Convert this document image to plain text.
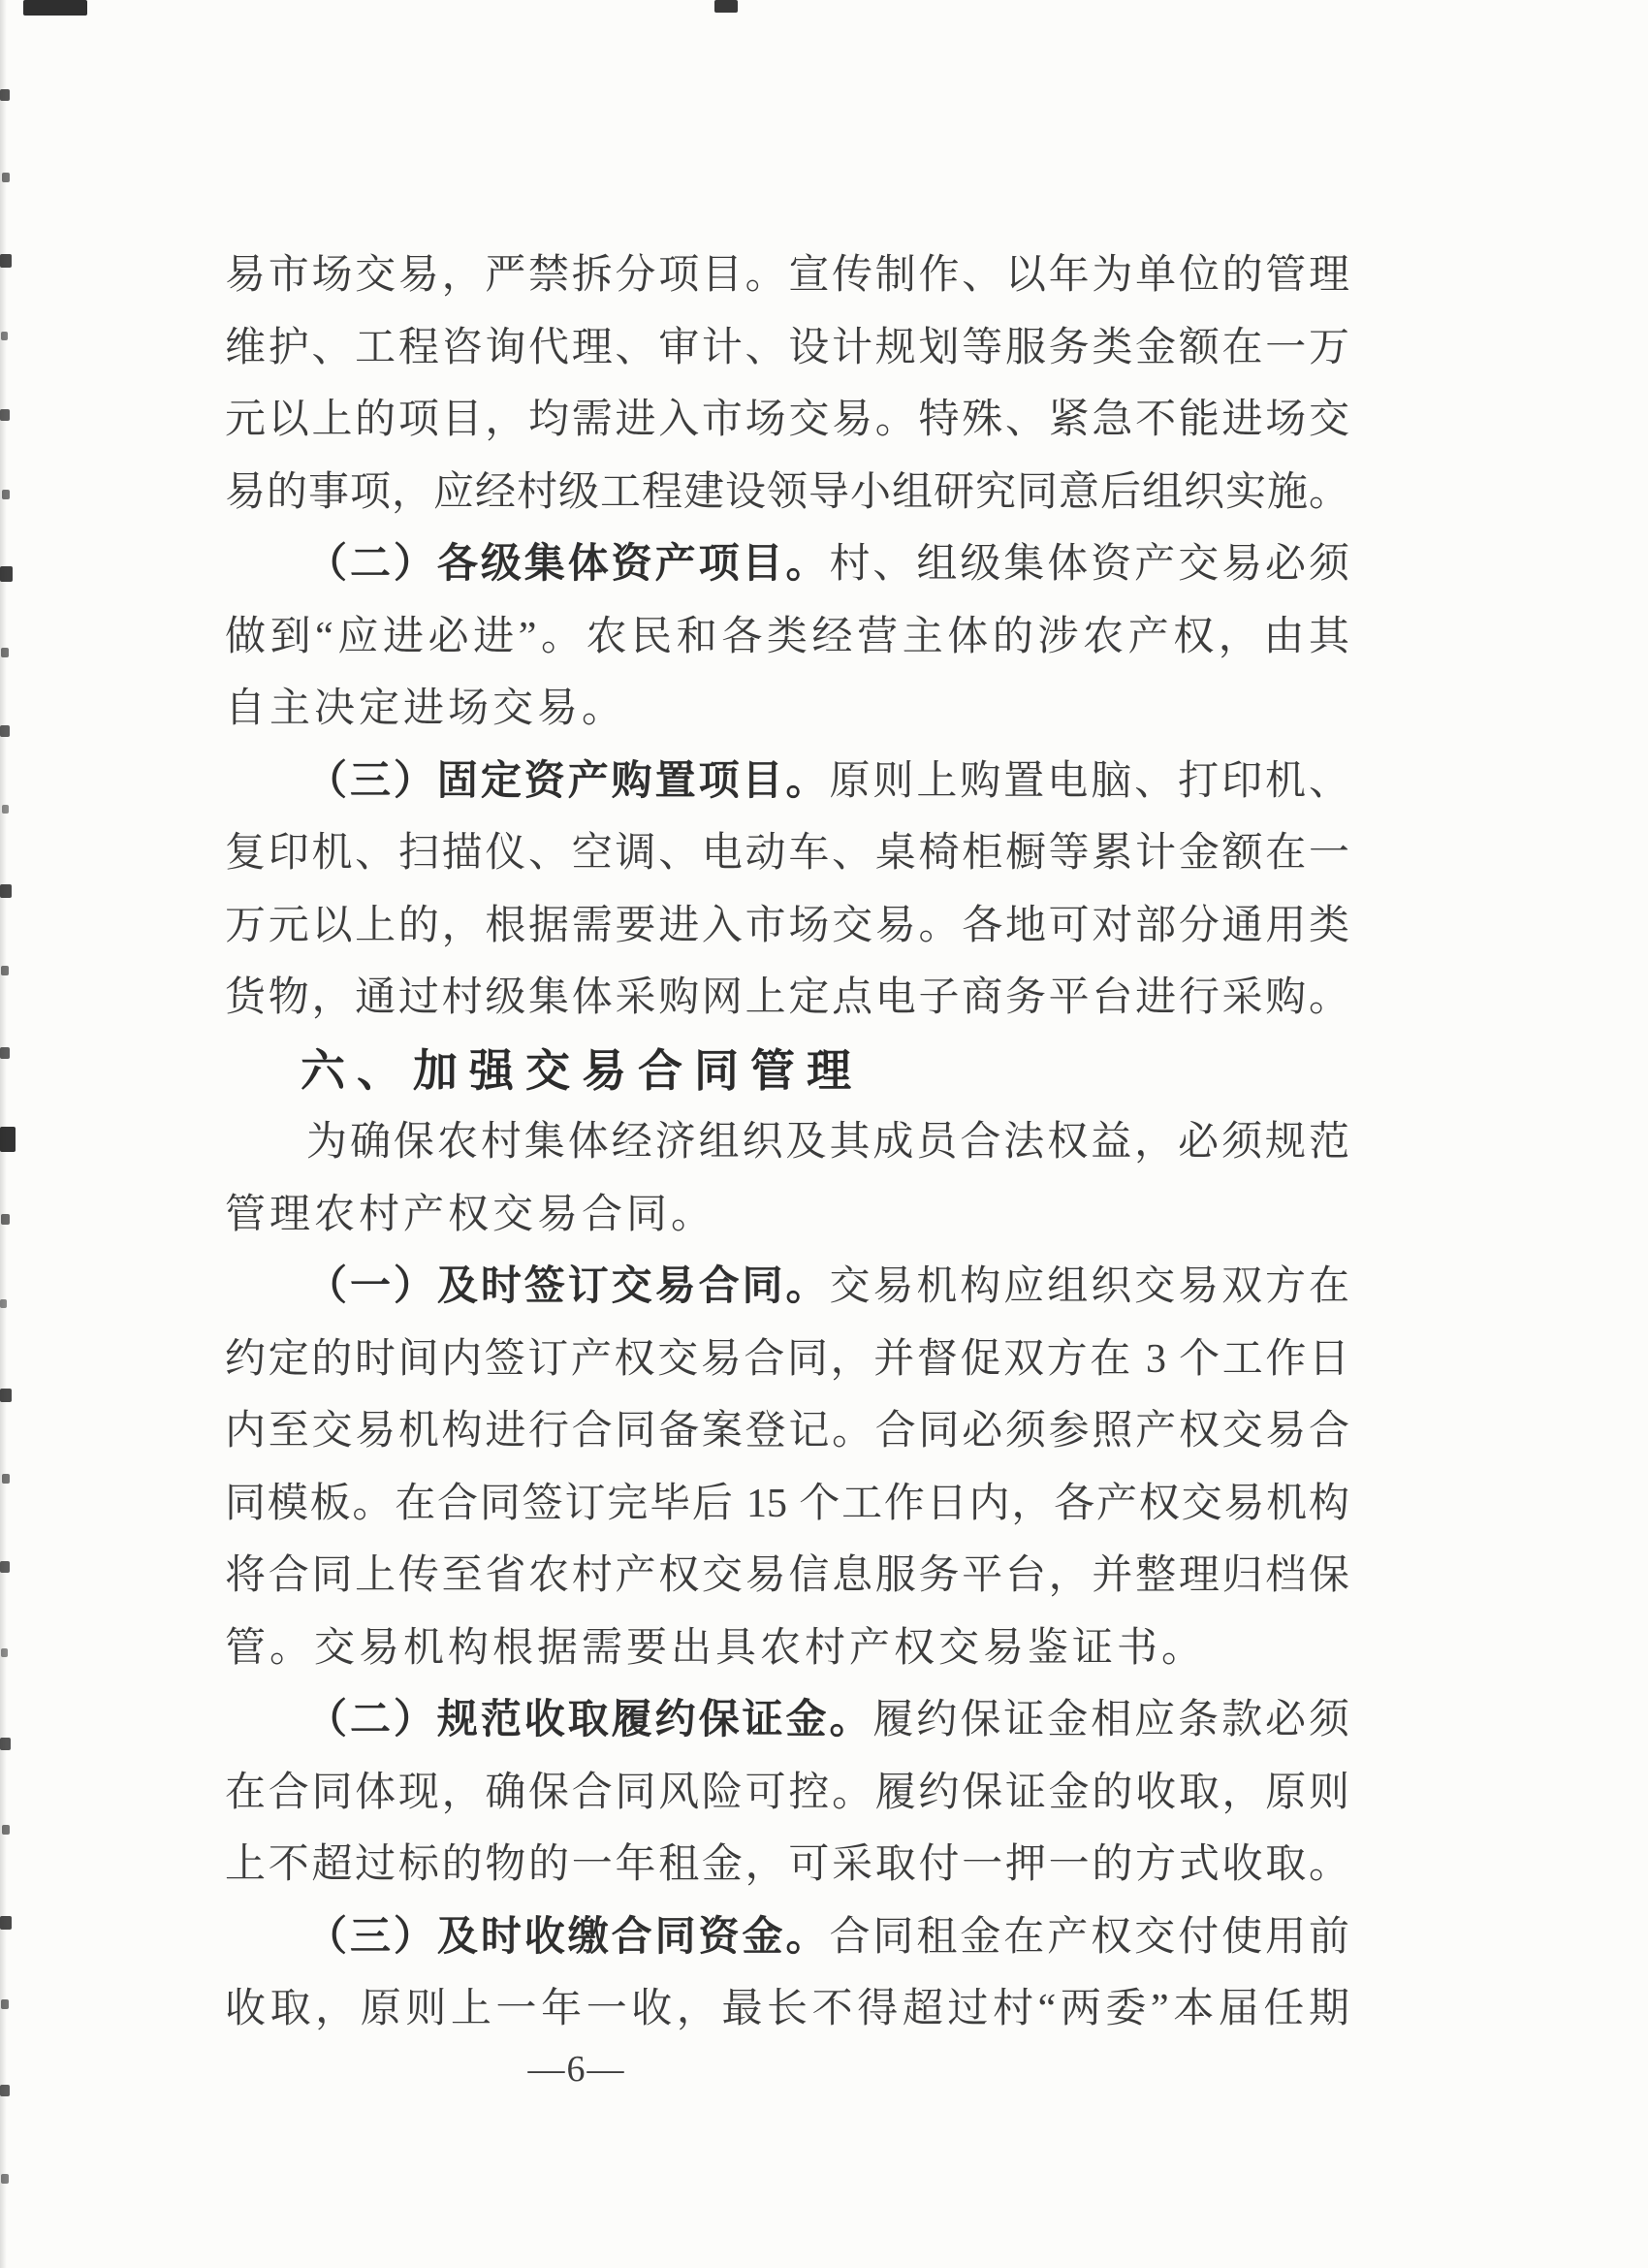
易市场交易，严禁拆分项目。宣传制作、以年为单位的管理
维护、工程咨询代理、审计、设计规划等服务类金额在一万
元以上的项目，均需进入市场交易。特殊、紧急不能进场交
易的事项，应经村级工程建设领导小组研究同意后组织实施。
（二）各级集体资产项目。村、组级集体资产交易必须
做到“应进必进”。农民和各类经营主体的涉农产权，由其
自主决定进场交易。
（三）固定资产购置项目。原则上购置电脑、打印机、
复印机、扫描仪、空调、电动车、桌椅柜橱等累计金额在一
万元以上的，根据需要进入市场交易。各地可对部分通用类
货物，通过村级集体采购网上定点电子商务平台进行采购。
六、加强交易合同管理
为确保农村集体经济组织及其成员合法权益，必须规范
管理农村产权交易合同。
（一）及时签订交易合同。交易机构应组织交易双方在
约定的时间内签订产权交易合同，并督促双方在 3 个工作日
内至交易机构进行合同备案登记。合同必须参照产权交易合
同模板。在合同签订完毕后 15 个工作日内，各产权交易机构
将合同上传至省农村产权交易信息服务平台，并整理归档保
管。交易机构根据需要出具农村产权交易鉴证书。
（二）规范收取履约保证金。履约保证金相应条款必须
在合同体现，确保合同风险可控。履约保证金的收取，原则
上不超过标的物的一年租金，可采取付一押一的方式收取。
（三）及时收缴合同资金。合同租金在产权交付使用前
收取，原则上一年一收，最长不得超过村“两委”本届任期
—6—
